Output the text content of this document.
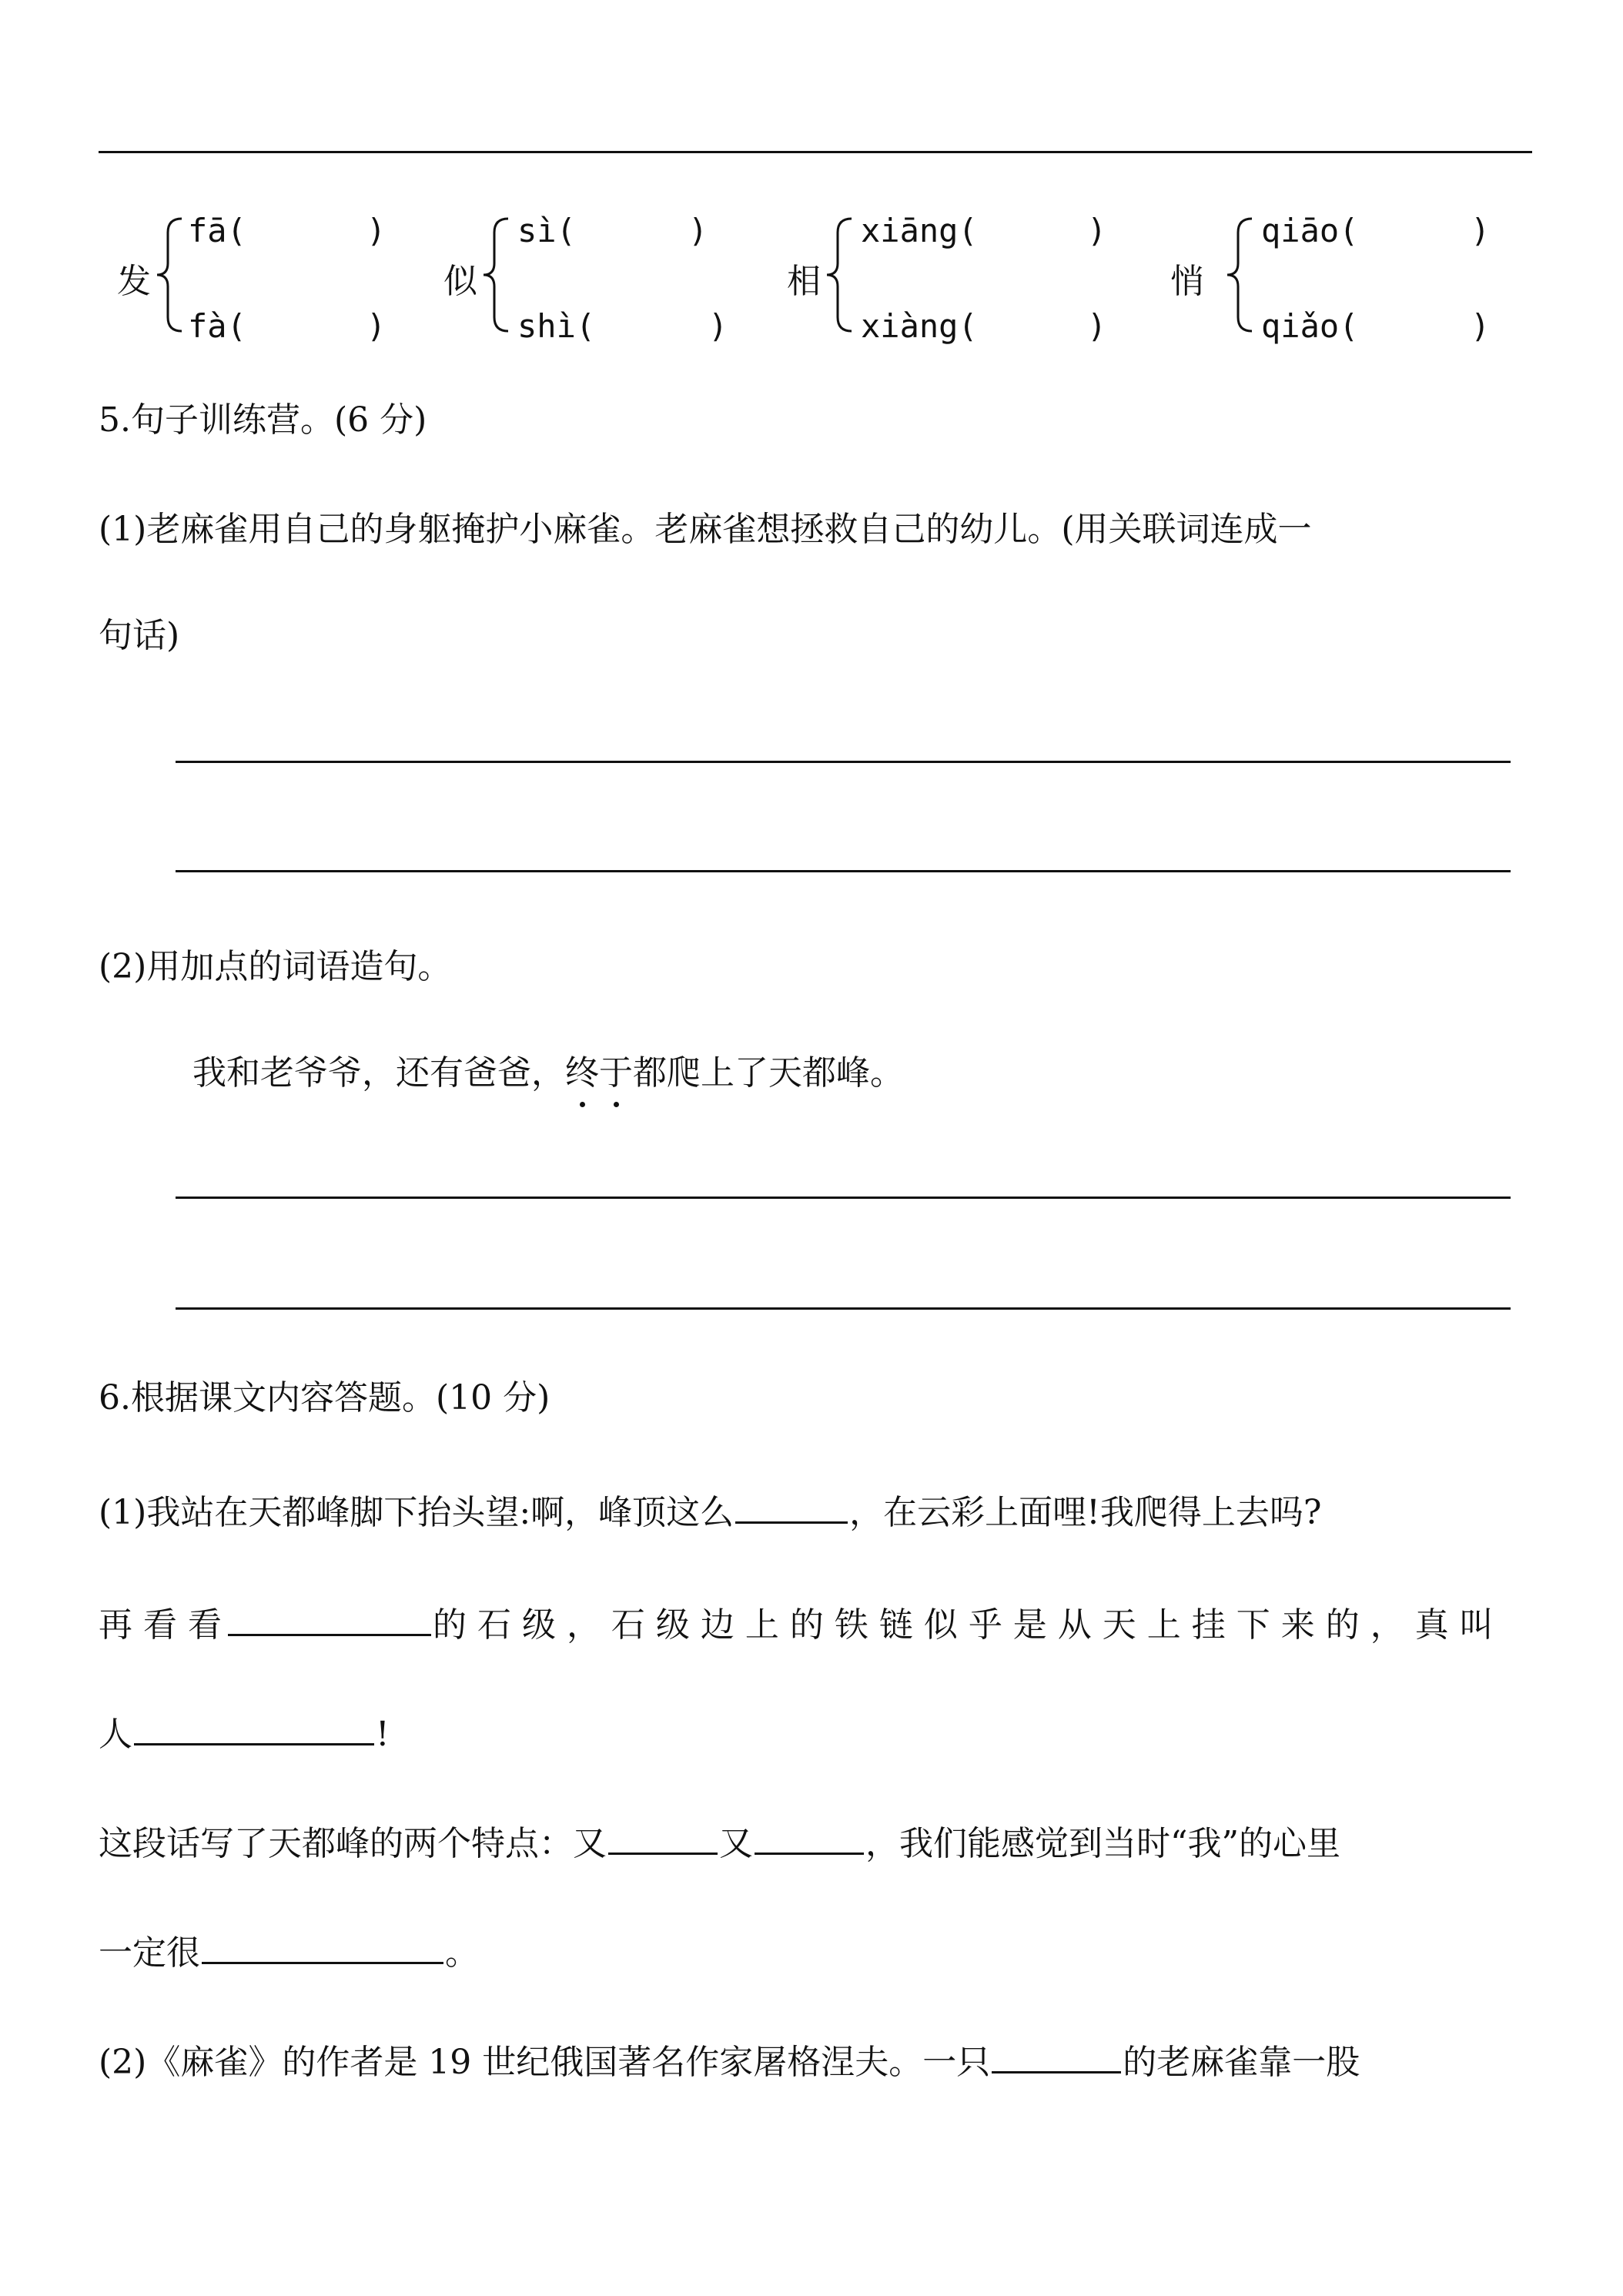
发
fā(	)
fà(	)
似
sì(	)
shì(	)
相
xiāng(	)
xiàng(	)
悄
qiāo(	)
qiǎo(	)
5.句子训练营。(6 分)
(1)老麻雀用自己的身躯掩护小麻雀。老麻雀想拯救自己的幼儿。(用关联词连成一
句话)
(2)用加点的词语造句。
我和老爷爷，还有爸爸，终于都爬上了天都峰。
6.根据课文内容答题。(10 分)
(1)我站在天都峰脚下抬头望:啊，峰顶这么	，在云彩上面哩!我爬得上去吗?
再 看 看	的 石 级 ， 石 级 边 上 的 铁 链 似 乎 是 从 天 上 挂 下 来 的 ， 真 叫
人	!
这段话写了天都峰的两个特点：又	又	，我们能感觉到当时“我”的心里
一定很	。
(2)《麻雀》的作者是 19 世纪俄国著名作家屠格涅夫。一只	的老麻雀靠一股
